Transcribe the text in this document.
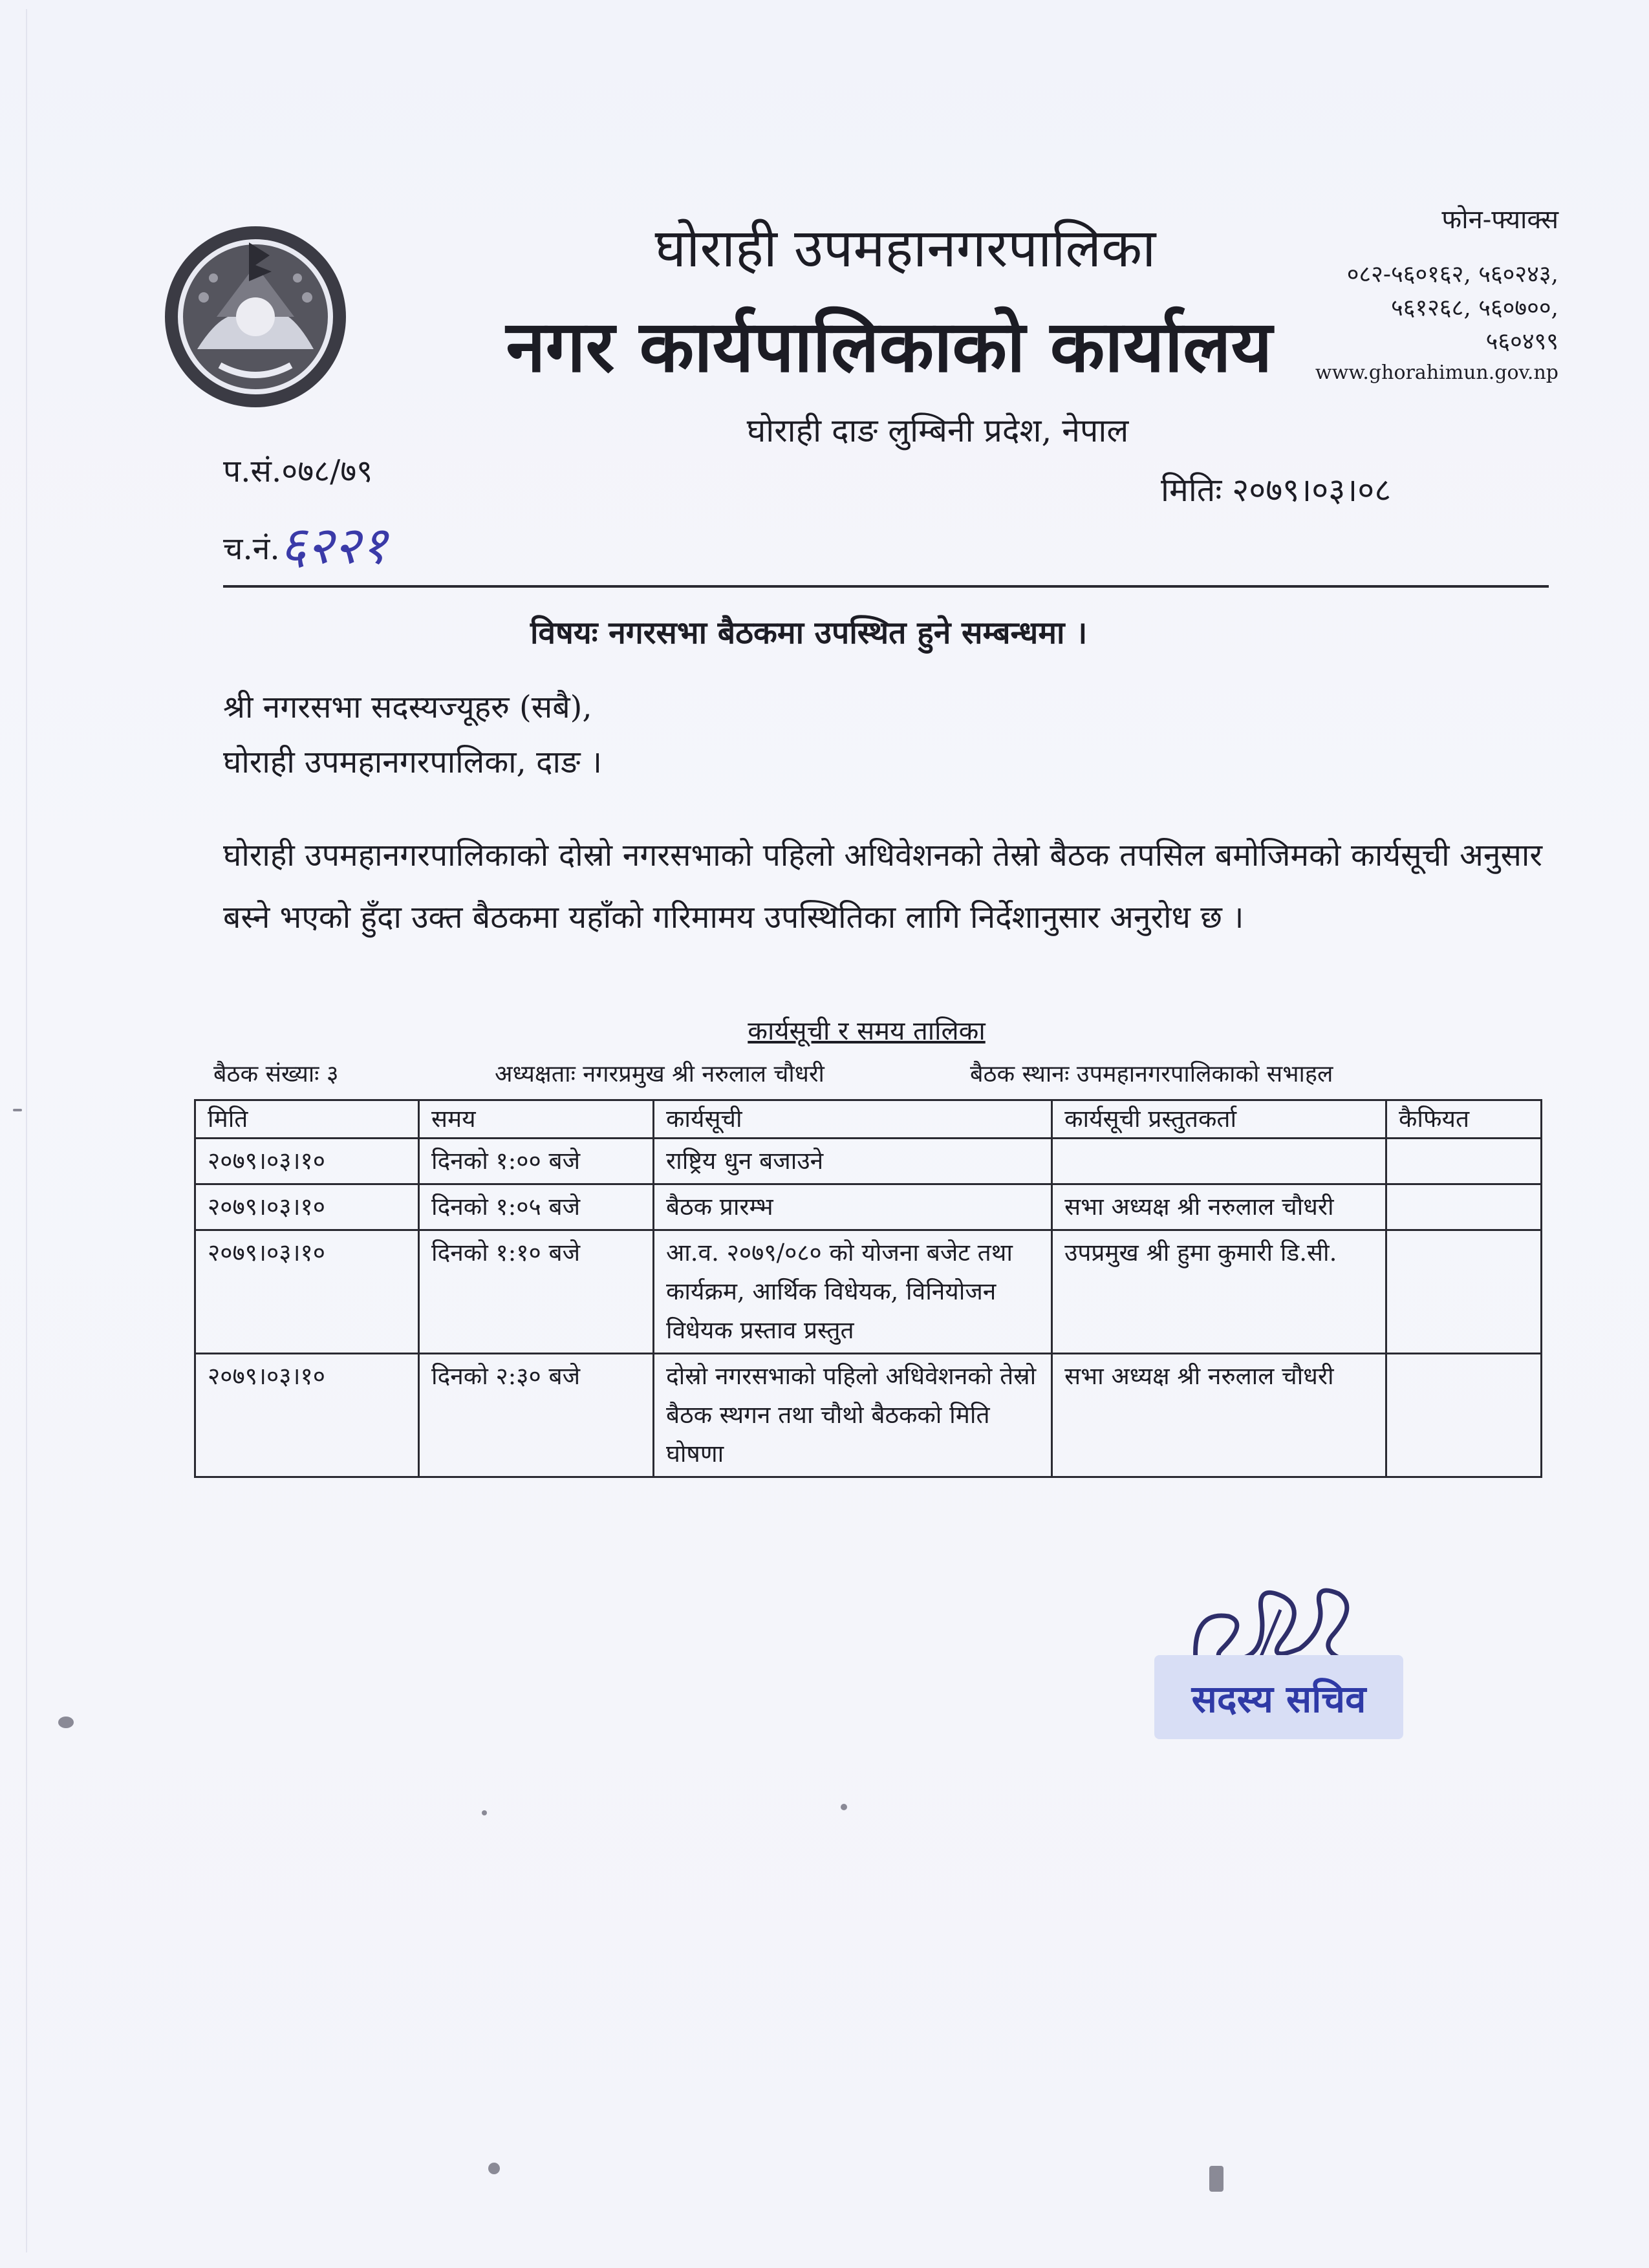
घोराही उपमहानगरपालिका
नगर कार्यपालिकाको कार्यालय
घोराही दाङ लुम्बिनी प्रदेश, नेपाल
फोन-फ्याक्स
०८२-५६०१६२, ५६०२४३,
५६१२६८, ५६०७००,
५६०४९९
www.ghorahimun.gov.np
प.सं.०७८/७९
च.नं.६२२१
मितिः २०७९।०३।०८
विषयः नगरसभा बैठकमा उपस्थित हुने सम्बन्धमा ।
श्री नगरसभा सदस्यज्यूहरु (सबै),
घोराही उपमहानगरपालिका, दाङ ।
घोराही उपमहानगरपालिकाको दोस्रो नगरसभाको पहिलो अधिवेशनको तेस्रो बैठक तपसिल बमोजिमको कार्यसूची अनुसार बस्ने भएको हुँदा उक्त बैठकमा यहाँको गरिमामय उपस्थितिका लागि निर्देशानुसार अनुरोध छ ।
कार्यसूची र समय तालिका
बैठक संख्याः ३	अध्यक्षताः नगरप्रमुख श्री नरुलाल चौधरी	बैठक स्थानः उपमहानगरपालिकाको सभाहल
मिति	समय	कार्यसूची	कार्यसूची प्रस्तुतकर्ता	कैफियत
२०७९।०३।१०	दिनको १:०० बजे	राष्ट्रिय धुन बजाउने		
२०७९।०३।१०	दिनको १:०५ बजे	बैठक प्रारम्भ	सभा अध्यक्ष श्री नरुलाल चौधरी	
२०७९।०३।१०	दिनको १:१० बजे	आ.व. २०७९/०८० को योजना बजेट तथा कार्यक्रम, आर्थिक विधेयक, विनियोजन विधेयक प्रस्ताव प्रस्तुत	उपप्रमुख श्री हुमा कुमारी डि.सी.	
२०७९।०३।१०	दिनको २:३० बजे	दोस्रो नगरसभाको पहिलो अधिवेशनको तेस्रो बैठक स्थगन तथा चौथो बैठकको मिति घोषणा	सभा अध्यक्ष श्री नरुलाल चौधरी	
सदस्य सचिव
